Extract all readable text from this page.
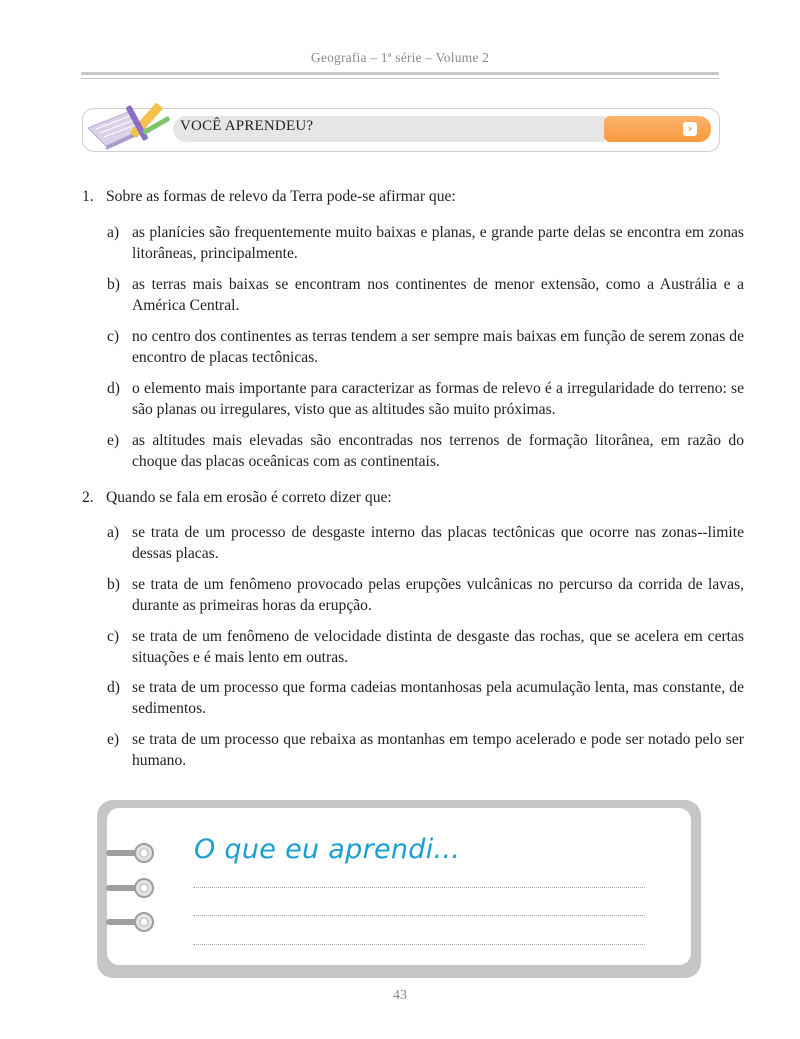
Geografia – 1ª série – Volume 2
VOCÊ APRENDEU?	›
1. Sobre as formas de relevo da Terra pode-se afirmar que:
a) as planícies são frequentemente muito baixas e planas, e grande parte delas se encontra em zonas litorâneas, principalmente.
b) as terras mais baixas se encontram nos continentes de menor extensão, como a Austrália e a América Central.
c) no centro dos continentes as terras tendem a ser sempre mais baixas em função de serem zonas de encontro de placas tectônicas.
d) o elemento mais importante para caracterizar as formas de relevo é a irregularidade do terreno: se são planas ou irregulares, visto que as altitudes são muito próximas.
e) as altitudes mais elevadas são encontradas nos terrenos de formação litorânea, em razão do choque das placas oceânicas com as continentais.
2. Quando se fala em erosão é correto dizer que:
a) se trata de um processo de desgaste interno das placas tectônicas que ocorre nas zonas--limite dessas placas.
b) se trata de um fenômeno provocado pelas erupções vulcânicas no percurso da corrida de lavas, durante as primeiras horas da erupção.
c) se trata de um fenômeno de velocidade distinta de desgaste das rochas, que se acelera em certas situações e é mais lento em outras.
d) se trata de um processo que forma cadeias montanhosas pela acumulação lenta, mas constante, de sedimentos.
e) se trata de um processo que rebaixa as montanhas em tempo acelerado e pode ser notado pelo ser humano.
O que eu aprendi...
43
